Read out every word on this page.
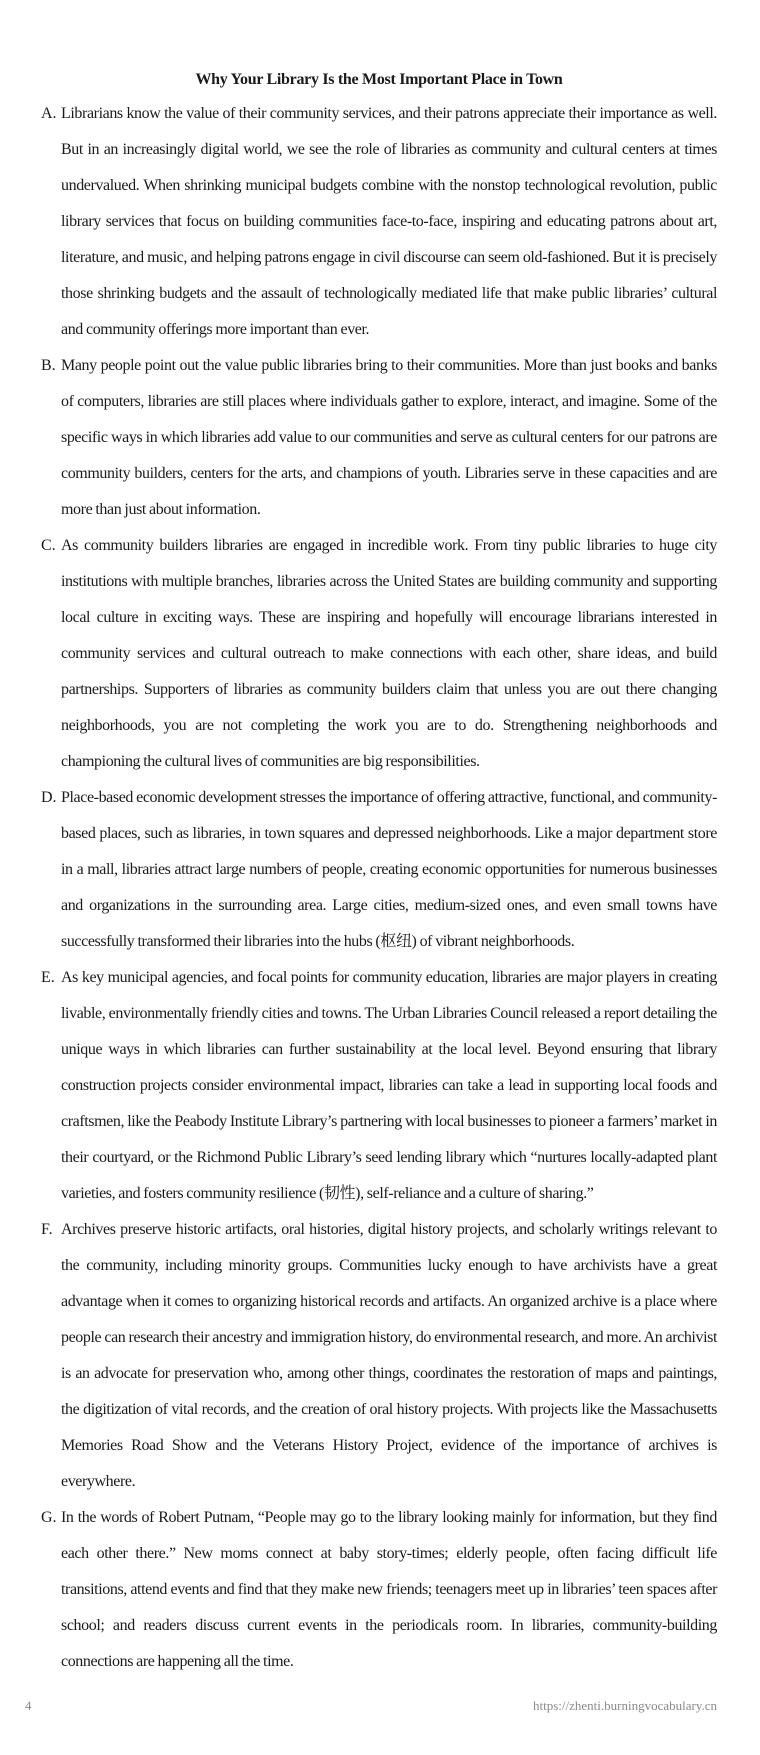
Why Your Library Is the Most Important Place in Town
A. Librarians know the value of their community services, and their patrons appreciate their importance as well. But in an increasingly digital world, we see the role of libraries as community and cultural centers at times undervalued. When shrinking municipal budgets combine with the nonstop technological revolution, public library services that focus on building communities face-to-face, inspiring and educating patrons about art, literature, and music, and helping patrons engage in civil discourse can seem old-fashioned. But it is precisely those shrinking budgets and the assault of technologically mediated life that make public libraries’ cultural and community offerings more important than ever.
B. Many people point out the value public libraries bring to their communities. More than just books and banks of computers, libraries are still places where individuals gather to explore, interact, and imagine. Some of the specific ways in which libraries add value to our communities and serve as cultural centers for our patrons are community builders, centers for the arts, and champions of youth. Libraries serve in these capacities and are more than just about information.
C. As community builders libraries are engaged in incredible work. From tiny public libraries to huge city institutions with multiple branches, libraries across the United States are building community and supporting local culture in exciting ways. These are inspiring and hopefully will encourage librarians interested in community services and cultural outreach to make connections with each other, share ideas, and build partnerships. Supporters of libraries as community builders claim that unless you are out there changing neighborhoods, you are not completing the work you are to do. Strengthening neighborhoods and championing the cultural lives of communities are big responsibilities.
D. Place-based economic development stresses the importance of offering attractive, functional, and community-based places, such as libraries, in town squares and depressed neighborhoods. Like a major department store in a mall, libraries attract large numbers of people, creating economic opportunities for numerous businesses and organizations in the surrounding area. Large cities, medium-sized ones, and even small towns have successfully transformed their libraries into the hubs (枢纽) of vibrant neighborhoods.
E. As key municipal agencies, and focal points for community education, libraries are major players in creating livable, environmentally friendly cities and towns. The Urban Libraries Council released a report detailing the unique ways in which libraries can further sustainability at the local level. Beyond ensuring that library construction projects consider environmental impact, libraries can take a lead in supporting local foods and craftsmen, like the Peabody Institute Library’s partnering with local businesses to pioneer a farmers’ market in their courtyard, or the Richmond Public Library’s seed lending library which “nurtures locally-adapted plant varieties, and fosters community resilience (韧性), self-reliance and a culture of sharing.”
F. Archives preserve historic artifacts, oral histories, digital history projects, and scholarly writings relevant to the community, including minority groups. Communities lucky enough to have archivists have a great advantage when it comes to organizing historical records and artifacts. An organized archive is a place where people can research their ancestry and immigration history, do environmental research, and more. An archivist is an advocate for preservation who, among other things, coordinates the restoration of maps and paintings, the digitization of vital records, and the creation of oral history projects. With projects like the Massachusetts Memories Road Show and the Veterans History Project, evidence of the importance of archives is everywhere.
G. In the words of Robert Putnam, “People may go to the library looking mainly for information, but they find each other there.” New moms connect at baby story-times; elderly people, often facing difficult life transitions, attend events and find that they make new friends; teenagers meet up in libraries’ teen spaces after school; and readers discuss current events in the periodicals room. In libraries, community-building connections are happening all the time.
4	https://zhenti.burningvocabulary.cn
